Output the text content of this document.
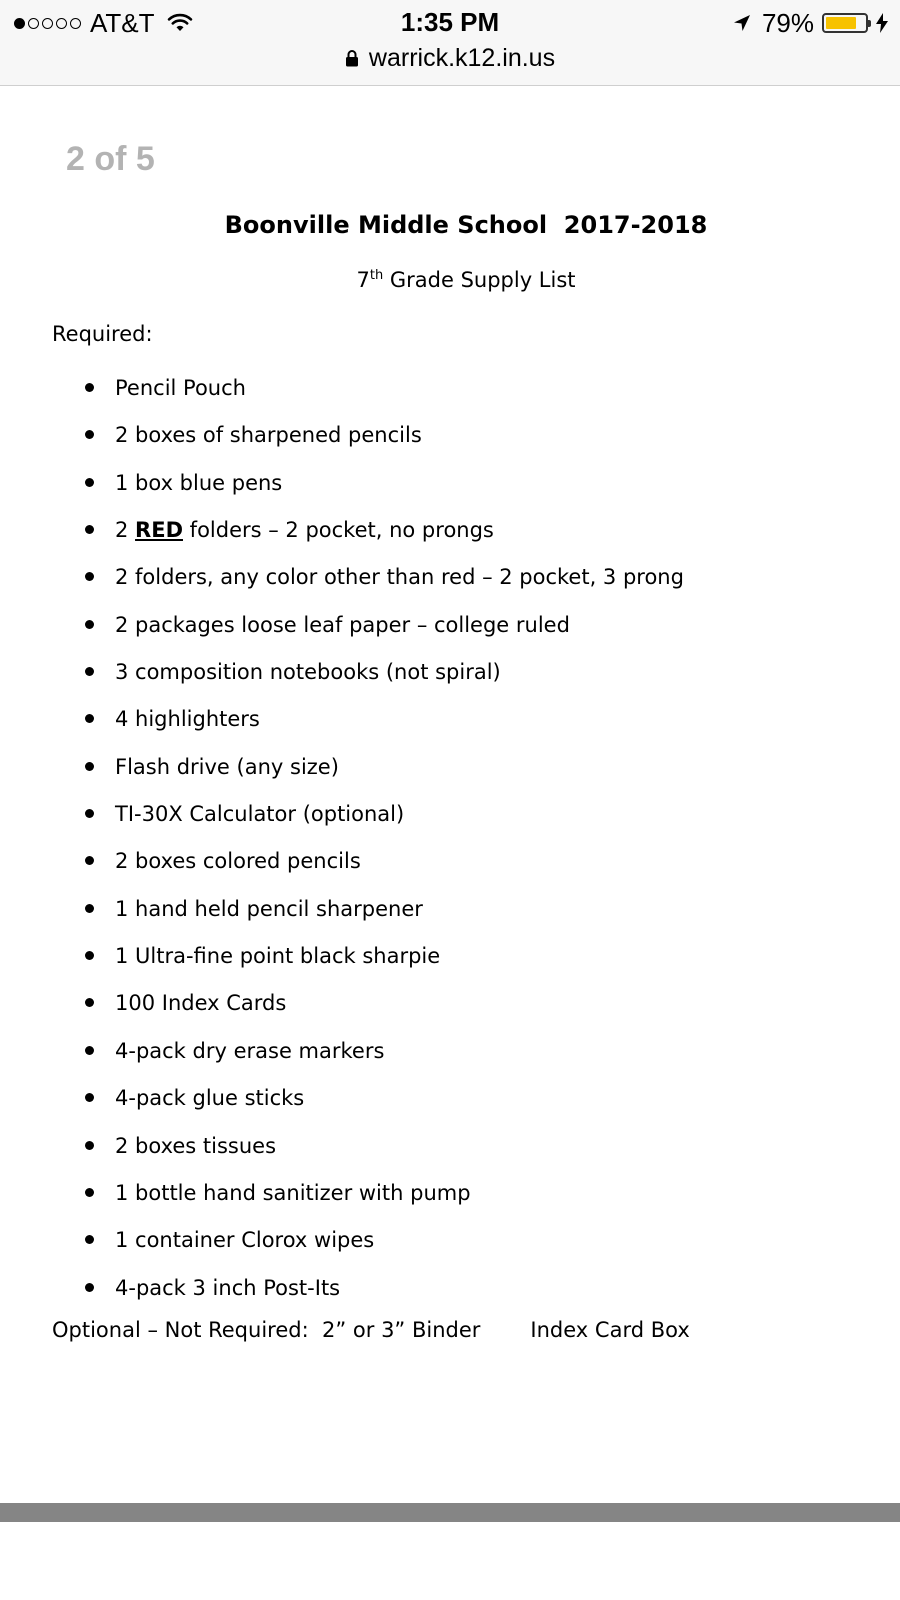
AT&T	1:35 PM	79%
warrick.k12.in.us
2 of 5
Boonville Middle School  2017-2018
7th Grade Supply List
Required:
Pencil Pouch
2 boxes of sharpened pencils
1 box blue pens
2 RED folders – 2 pocket, no prongs
2 folders, any color other than red – 2 pocket, 3 prong
2 packages loose leaf paper – college ruled
3 composition notebooks (not spiral)
4 highlighters
Flash drive (any size)
TI-30X Calculator (optional)
2 boxes colored pencils
1 hand held pencil sharpener
1 Ultra-fine point black sharpie
100 Index Cards
4-pack dry erase markers
4-pack glue sticks
2 boxes tissues
1 bottle hand sanitizer with pump
1 container Clorox wipes
4-pack 3 inch Post-Its
Optional – Not Required:  2” or 3” Binder Index Card Box
